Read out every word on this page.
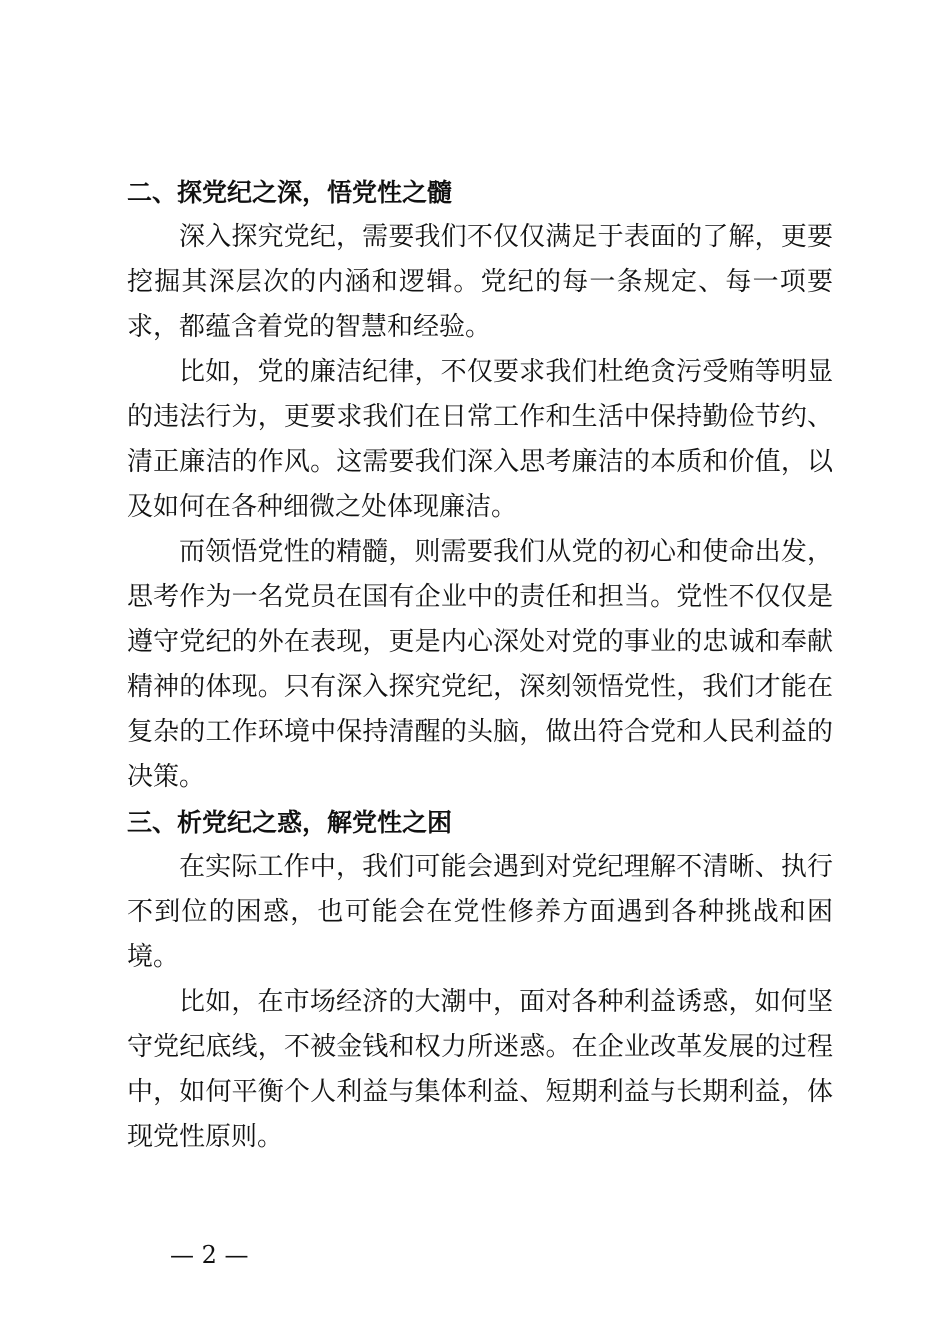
二、探党纪之深，悟党性之髓
深入探究党纪，需要我们不仅仅满足于表面的了解，更要
挖掘其深层次的内涵和逻辑。党纪的每一条规定、每一项要
求，都蕴含着党的智慧和经验。
比如，党的廉洁纪律，不仅要求我们杜绝贪污受贿等明显
的违法行为，更要求我们在日常工作和生活中保持勤俭节约、
清正廉洁的作风。这需要我们深入思考廉洁的本质和价值，以
及如何在各种细微之处体现廉洁。
而领悟党性的精髓，则需要我们从党的初心和使命出发，
思考作为一名党员在国有企业中的责任和担当。党性不仅仅是
遵守党纪的外在表现，更是内心深处对党的事业的忠诚和奉献
精神的体现。只有深入探究党纪，深刻领悟党性，我们才能在
复杂的工作环境中保持清醒的头脑，做出符合党和人民利益的
决策。
三、析党纪之惑，解党性之困
在实际工作中，我们可能会遇到对党纪理解不清晰、执行
不到位的困惑，也可能会在党性修养方面遇到各种挑战和困
境。
比如，在市场经济的大潮中，面对各种利益诱惑，如何坚
守党纪底线，不被金钱和权力所迷惑。在企业改革发展的过程
中，如何平衡个人利益与集体利益、短期利益与长期利益，体
现党性原则。
— 2 —
